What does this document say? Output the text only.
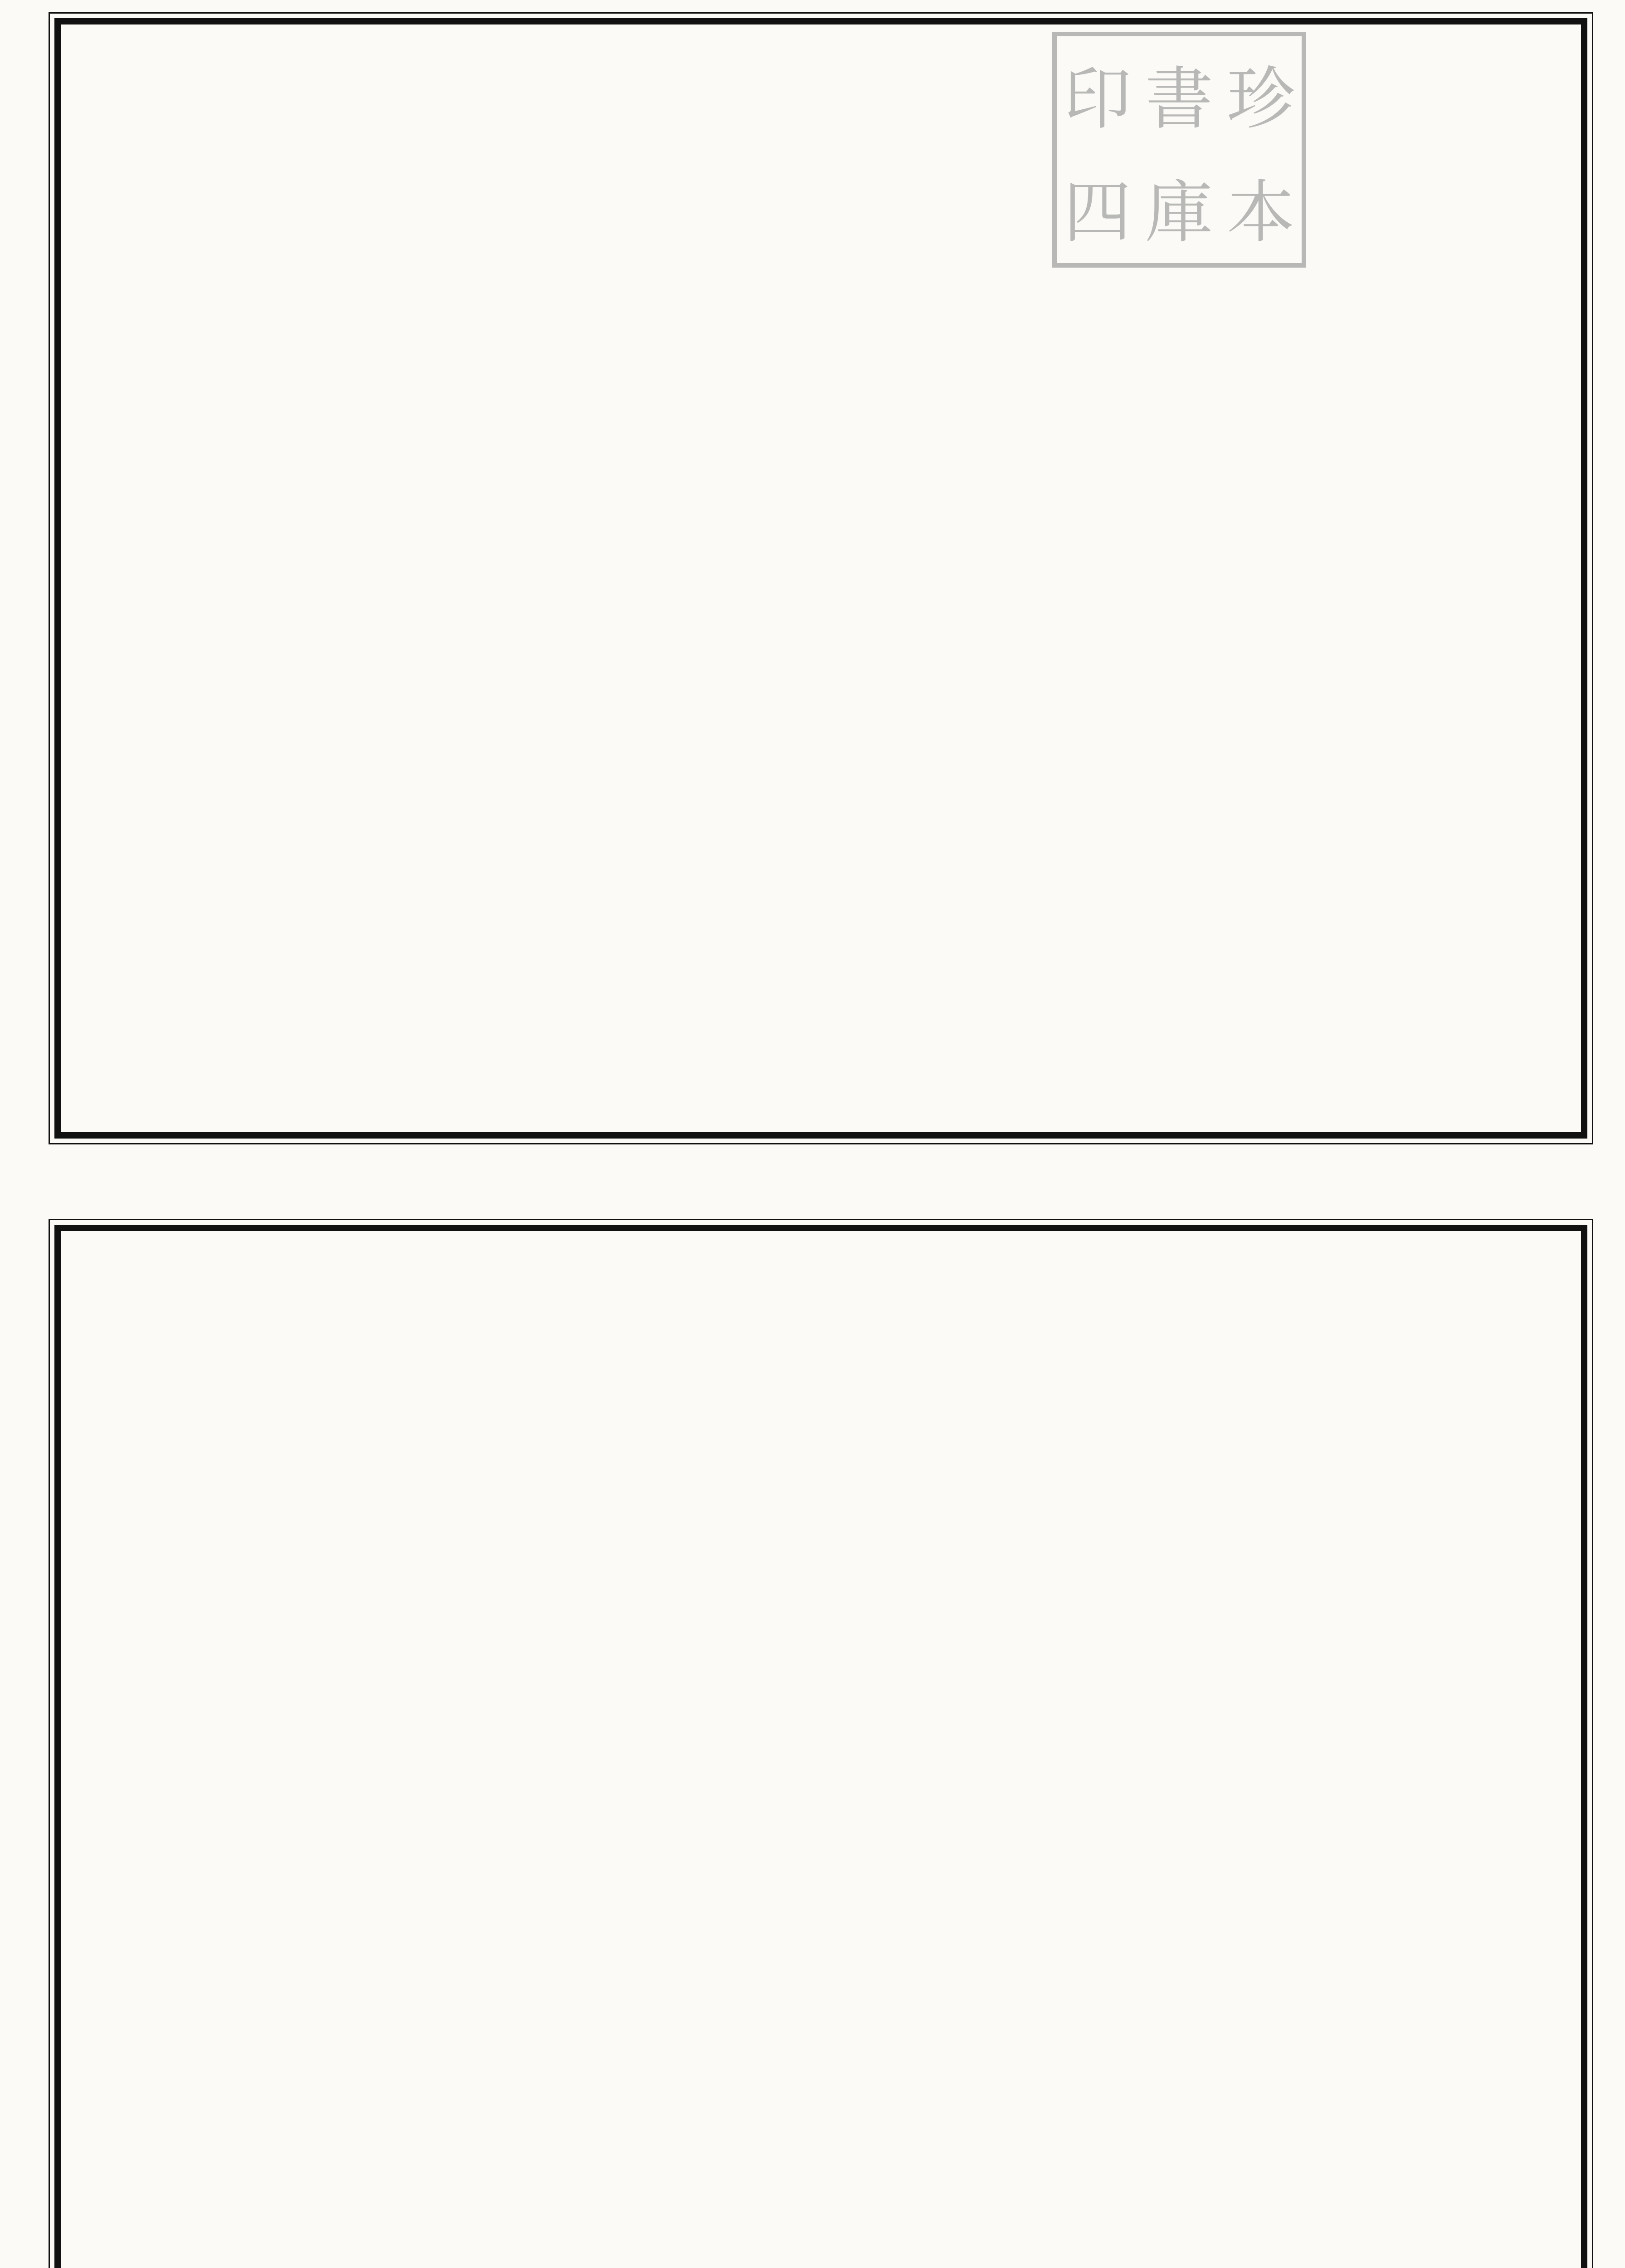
印 書 珍
四 庫 本
